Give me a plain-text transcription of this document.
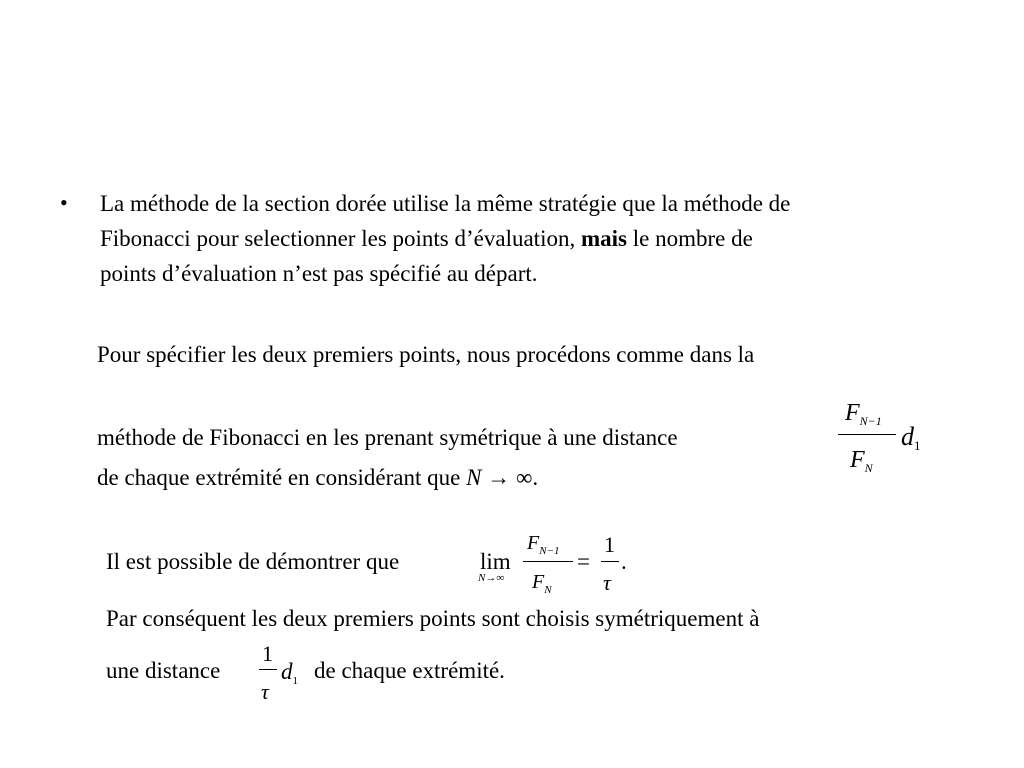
• La méthode de la section dorée utilise la même stratégie que la méthode de
Fibonacci pour selectionner les points d’évaluation, mais le nombre de
points d’évaluation n’est pas spécifié au départ.
Pour spécifier les deux premiers points, nous procédons comme dans la
méthode de Fibonacci en les prenant symétrique à une distance
de chaque extrémité en considérant que N → ∞.
$F_{N-1}$
$F_N$
d1
Il est possible de démontrer que	lim
N→∞
$F_{N-1}$
$F_N$
=
1
τ
.
Par conséquent les deux premiers points sont choisis symétriquement à
une distance
1
τ
$d_1$ de chaque extrémité.
